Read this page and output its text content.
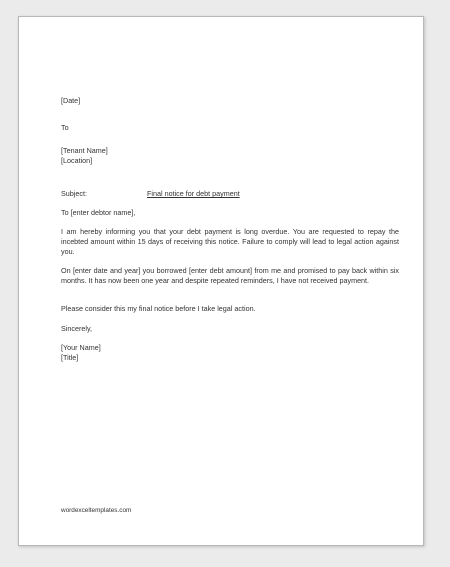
[Date]
To
[Tenant Name]
[Location]
Subject:	Final notice for debt payment
To [enter debtor name],
I am hereby informing you that your debt payment is long overdue. You are requested to repay the incebted amount within 15 days of receiving this notice. Failure to comply will lead to legal action against you.
On [enter date and year] you borrowed [enter debt amount] from me and promised to pay back within six months. It has now been one year and despite repeated reminders, I have not received payment.
Please consider this my final notice before I take legal action.
Sincerely,
[Your Name]
[Title]
wordexceltemplates.com
